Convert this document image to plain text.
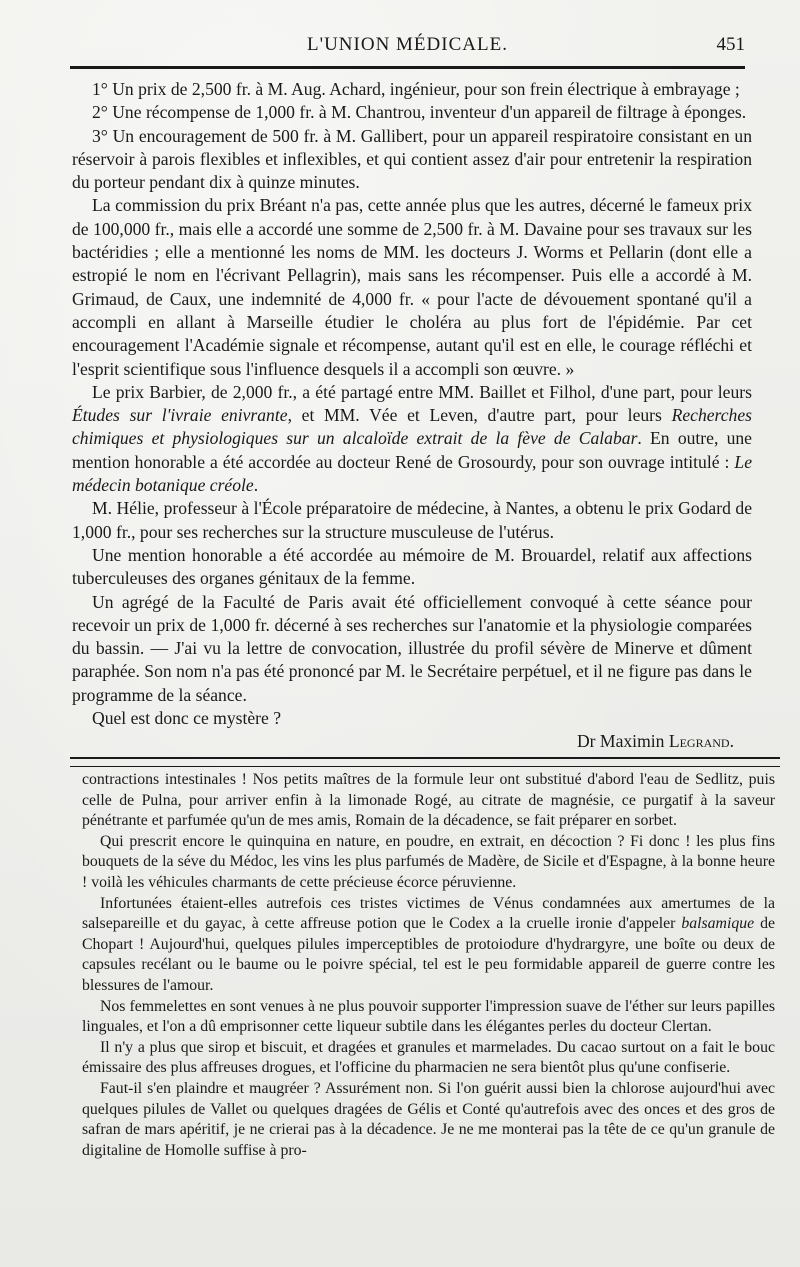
L'UNION MÉDICALE.	451

1° Un prix de 2,500 fr. à M. Aug. Achard, ingénieur, pour son frein électrique à embrayage ;

2° Une récompense de 1,000 fr. à M. Chantrou, inventeur d'un appareil de filtrage à éponges.

3° Un encouragement de 500 fr. à M. Gallibert, pour un appareil respiratoire consistant en un réservoir à parois flexibles et inflexibles, et qui contient assez d'air pour entretenir la respiration du porteur pendant dix à quinze minutes.

La commission du prix Bréant n'a pas, cette année plus que les autres, décerné le fameux prix de 100,000 fr., mais elle a accordé une somme de 2,500 fr. à M. Davaine pour ses travaux sur les bactéridies ; elle a mentionné les noms de MM. les docteurs J. Worms et Pellarin (dont elle a estropié le nom en l'écrivant Pellagrin), mais sans les récompenser. Puis elle a accordé à M. Grimaud, de Caux, une indemnité de 4,000 fr. « pour l'acte de dévouement spontané qu'il a accompli en allant à Marseille étudier le choléra au plus fort de l'épidémie. Par cet encouragement l'Académie signale et récompense, autant qu'il est en elle, le courage réfléchi et l'esprit scientifique sous l'influence desquels il a accompli son œuvre. »

Le prix Barbier, de 2,000 fr., a été partagé entre MM. Baillet et Filhol, d'une part, pour leurs Études sur l'ivraie enivrante, et MM. Vée et Leven, d'autre part, pour leurs Recherches chimiques et physiologiques sur un alcaloïde extrait de la fève de Calabar. En outre, une mention honorable a été accordée au docteur René de Grosourdy, pour son ouvrage intitulé : Le médecin botanique créole.

M. Hélie, professeur à l'École préparatoire de médecine, à Nantes, a obtenu le prix Godard de 1,000 fr., pour ses recherches sur la structure musculeuse de l'utérus.

Une mention honorable a été accordée au mémoire de M. Brouardel, relatif aux affections tuberculeuses des organes génitaux de la femme.

Un agrégé de la Faculté de Paris avait été officiellement convoqué à cette séance pour recevoir un prix de 1,000 fr. décerné à ses recherches sur l'anatomie et la physiologie comparées du bassin. — J'ai vu la lettre de convocation, illustrée du profil sévère de Minerve et dûment paraphée. Son nom n'a pas été prononcé par M. le Secrétaire perpétuel, et il ne figure pas dans le programme de la séance.

Quel est donc ce mystère ?

Dr Maximin Legrand.

contractions intestinales ! Nos petits maîtres de la formule leur ont substitué d'abord l'eau de Sedlitz, puis celle de Pulna, pour arriver enfin à la limonade Rogé, au citrate de magnésie, ce purgatif à la saveur pénétrante et parfumée qu'un de mes amis, Romain de la décadence, se fait préparer en sorbet.

Qui prescrit encore le quinquina en nature, en poudre, en extrait, en décoction ? Fi donc ! les plus fins bouquets de la séve du Médoc, les vins les plus parfumés de Madère, de Sicile et d'Espagne, à la bonne heure ! voilà les véhicules charmants de cette précieuse écorce péruvienne.

Infortunées étaient-elles autrefois ces tristes victimes de Vénus condamnées aux amertumes de la salsepareille et du gayac, à cette affreuse potion que le Codex a la cruelle ironie d'appeler balsamique de Chopart ! Aujourd'hui, quelques pilules imperceptibles de protoiodure d'hydrargyre, une boîte ou deux de capsules recélant ou le baume ou le poivre spécial, tel est le peu formidable appareil de guerre contre les blessures de l'amour.

Nos femmelettes en sont venues à ne plus pouvoir supporter l'impression suave de l'éther sur leurs papilles linguales, et l'on a dû emprisonner cette liqueur subtile dans les élégantes perles du docteur Clertan.

Il n'y a plus que sirop et biscuit, et dragées et granules et marmelades. Du cacao surtout on a fait le bouc émissaire des plus affreuses drogues, et l'officine du pharmacien ne sera bientôt plus qu'une confiserie.

Faut-il s'en plaindre et maugréer ? Assurément non. Si l'on guérit aussi bien la chlorose aujourd'hui avec quelques pilules de Vallet ou quelques dragées de Gélis et Conté qu'autrefois avec des onces et des gros de safran de mars apéritif, je ne crierai pas à la décadence. Je ne me monterai pas la tête de ce qu'un granule de digitaline de Homolle suffise à pro-
